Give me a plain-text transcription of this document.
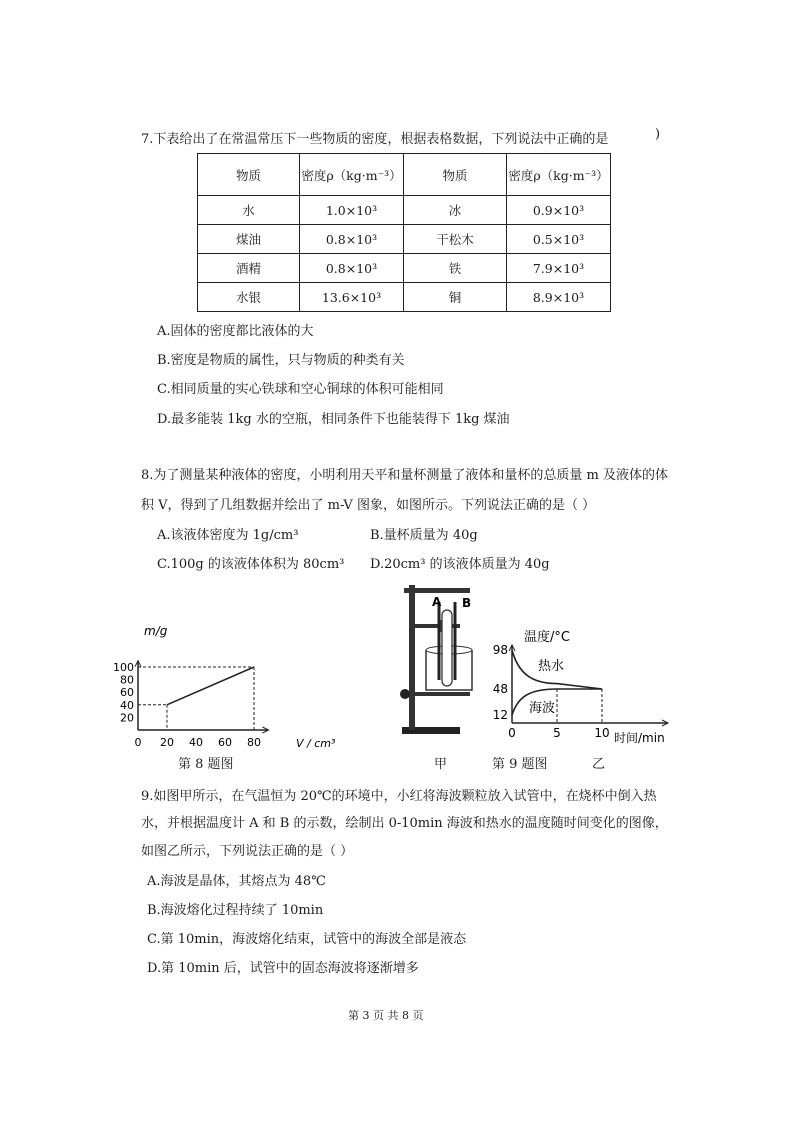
7.下表给出了在常温常压下一些物质的密度，根据表格数据，下列说法中正确的是	)
物质	密度ρ（kg·m⁻³）	物质	密度ρ（kg·m⁻³）
水	1.0×10³	冰	0.9×10³
煤油	0.8×10³	干松木	0.5×10³
酒精	0.8×10³	铁	7.9×10³
水银	13.6×10³	铜	8.9×10³
A.固体的密度都比液体的大
B.密度是物质的属性，只与物质的种类有关
C.相同质量的实心铁球和空心铜球的体积可能相同
D.最多能装 1kg 水的空瓶，相同条件下也能装得下 1kg 煤油
8.为了测量某种液体的密度，小明利用天平和量杯测量了液体和量杯的总质量 m 及液体的体
积 V，得到了几组数据并绘出了 m-V 图象，如图所示。下列说法正确的是（ ）
A.该液体密度为 1g/cm³	B.量杯质量为 40g
C.100g 的该液体体积为 80cm³ D.20cm³ 的该液体质量为 40g
0 20 40 60 80
20
40
60
80
100
m/g
V / cm³
第 8 题图
A B
0	5	10
12
48
98
温度/°C
时间/min
热水
海波
甲	第 9 题图	乙
9.如图甲所示，在气温恒为 20℃的环境中，小红将海波颗粒放入试管中，在烧杯中倒入热
水，并根据温度计 A 和 B 的示数，绘制出 0-10min 海波和热水的温度随时间变化的图像，
如图乙所示，下列说法正确的是（ ）
A.海波是晶体，其熔点为 48℃
B.海波熔化过程持续了 10min
C.第 10min，海波熔化结束，试管中的海波全部是液态
D.第 10min 后，试管中的固态海波将逐渐增多
第 3 页 共 8 页
